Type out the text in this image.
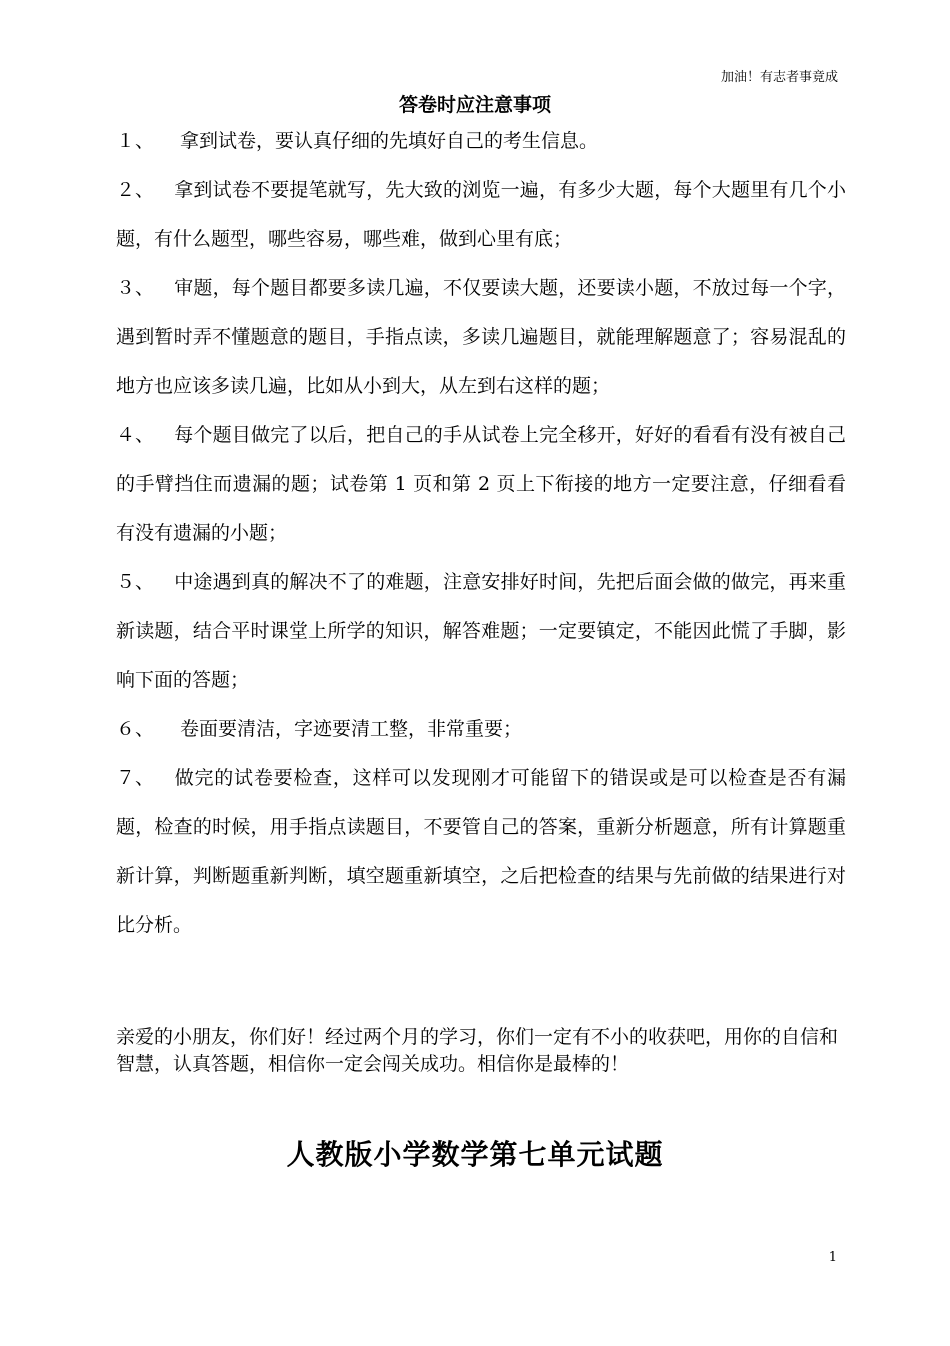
加油！有志者事竟成
答卷时应注意事项
１、 拿到试卷，要认真仔细的先填好自己的考生信息。
２、 拿到试卷不要提笔就写，先大致的浏览一遍，有多少大题，每个大题里有几个小题，有什么题型，哪些容易，哪些难，做到心里有底；
３、 审题，每个题目都要多读几遍，不仅要读大题，还要读小题，不放过每一个字，遇到暂时弄不懂题意的题目，手指点读，多读几遍题目，就能理解题意了；容易混乱的地方也应该多读几遍，比如从小到大，从左到右这样的题；
４、 每个题目做完了以后，把自己的手从试卷上完全移开，好好的看看有没有被自己的手臂挡住而遗漏的题；试卷第 1 页和第 2 页上下衔接的地方一定要注意，仔细看看有没有遗漏的小题；
５、 中途遇到真的解决不了的难题，注意安排好时间，先把后面会做的做完，再来重新读题，结合平时课堂上所学的知识，解答难题；一定要镇定，不能因此慌了手脚，影响下面的答题；
６、 卷面要清洁，字迹要清工整，非常重要；
７、 做完的试卷要检查，这样可以发现刚才可能留下的错误或是可以检查是否有漏题，检查的时候，用手指点读题目，不要管自己的答案，重新分析题意，所有计算题重新计算，判断题重新判断，填空题重新填空，之后把检查的结果与先前做的结果进行对比分析。

亲爱的小朋友，你们好！经过两个月的学习，你们一定有不小的收获吧，用你的自信和智慧，认真答题，相信你一定会闯关成功。相信你是最棒的！

人教版小学数学第七单元试题
1
